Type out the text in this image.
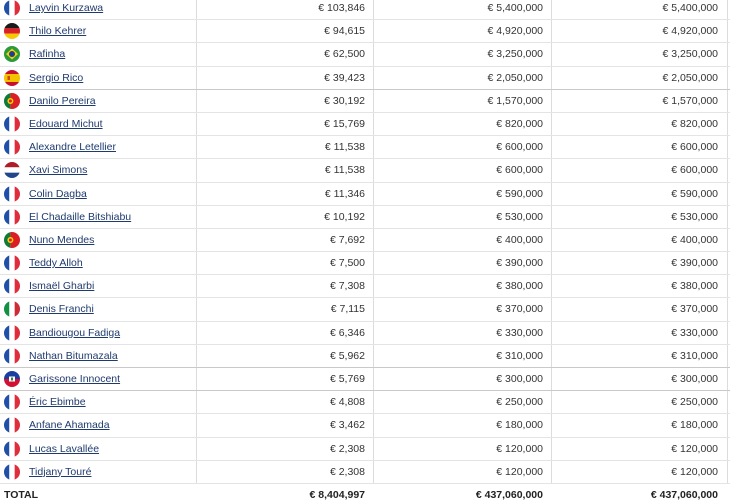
Layvin Kurzawa	€ 103,846	€ 5,400,000	€ 5,400,000
Thilo Kehrer	€ 94,615	€ 4,920,000	€ 4,920,000
Rafinha	€ 62,500	€ 3,250,000	€ 3,250,000
Sergio Rico	€ 39,423	€ 2,050,000	€ 2,050,000
Danilo Pereira	€ 30,192	€ 1,570,000	€ 1,570,000
Edouard Michut	€ 15,769	€ 820,000	€ 820,000
Alexandre Letellier	€ 11,538	€ 600,000	€ 600,000
Xavi Simons	€ 11,538	€ 600,000	€ 600,000
Colin Dagba	€ 11,346	€ 590,000	€ 590,000
El Chadaille Bitshiabu	€ 10,192	€ 530,000	€ 530,000
Nuno Mendes	€ 7,692	€ 400,000	€ 400,000
Teddy Alloh	€ 7,500	€ 390,000	€ 390,000
Ismaël Gharbi	€ 7,308	€ 380,000	€ 380,000
Denis Franchi	€ 7,115	€ 370,000	€ 370,000
Bandiougou Fadiga	€ 6,346	€ 330,000	€ 330,000
Nathan Bitumazala	€ 5,962	€ 310,000	€ 310,000
Garissone Innocent	€ 5,769	€ 300,000	€ 300,000
Éric Ebimbe	€ 4,808	€ 250,000	€ 250,000
Anfane Ahamada	€ 3,462	€ 180,000	€ 180,000
Lucas Lavallée	€ 2,308	€ 120,000	€ 120,000
Tidjany Touré	€ 2,308	€ 120,000	€ 120,000
TOTAL	€ 8,404,997	€ 437,060,000	€ 437,060,000
